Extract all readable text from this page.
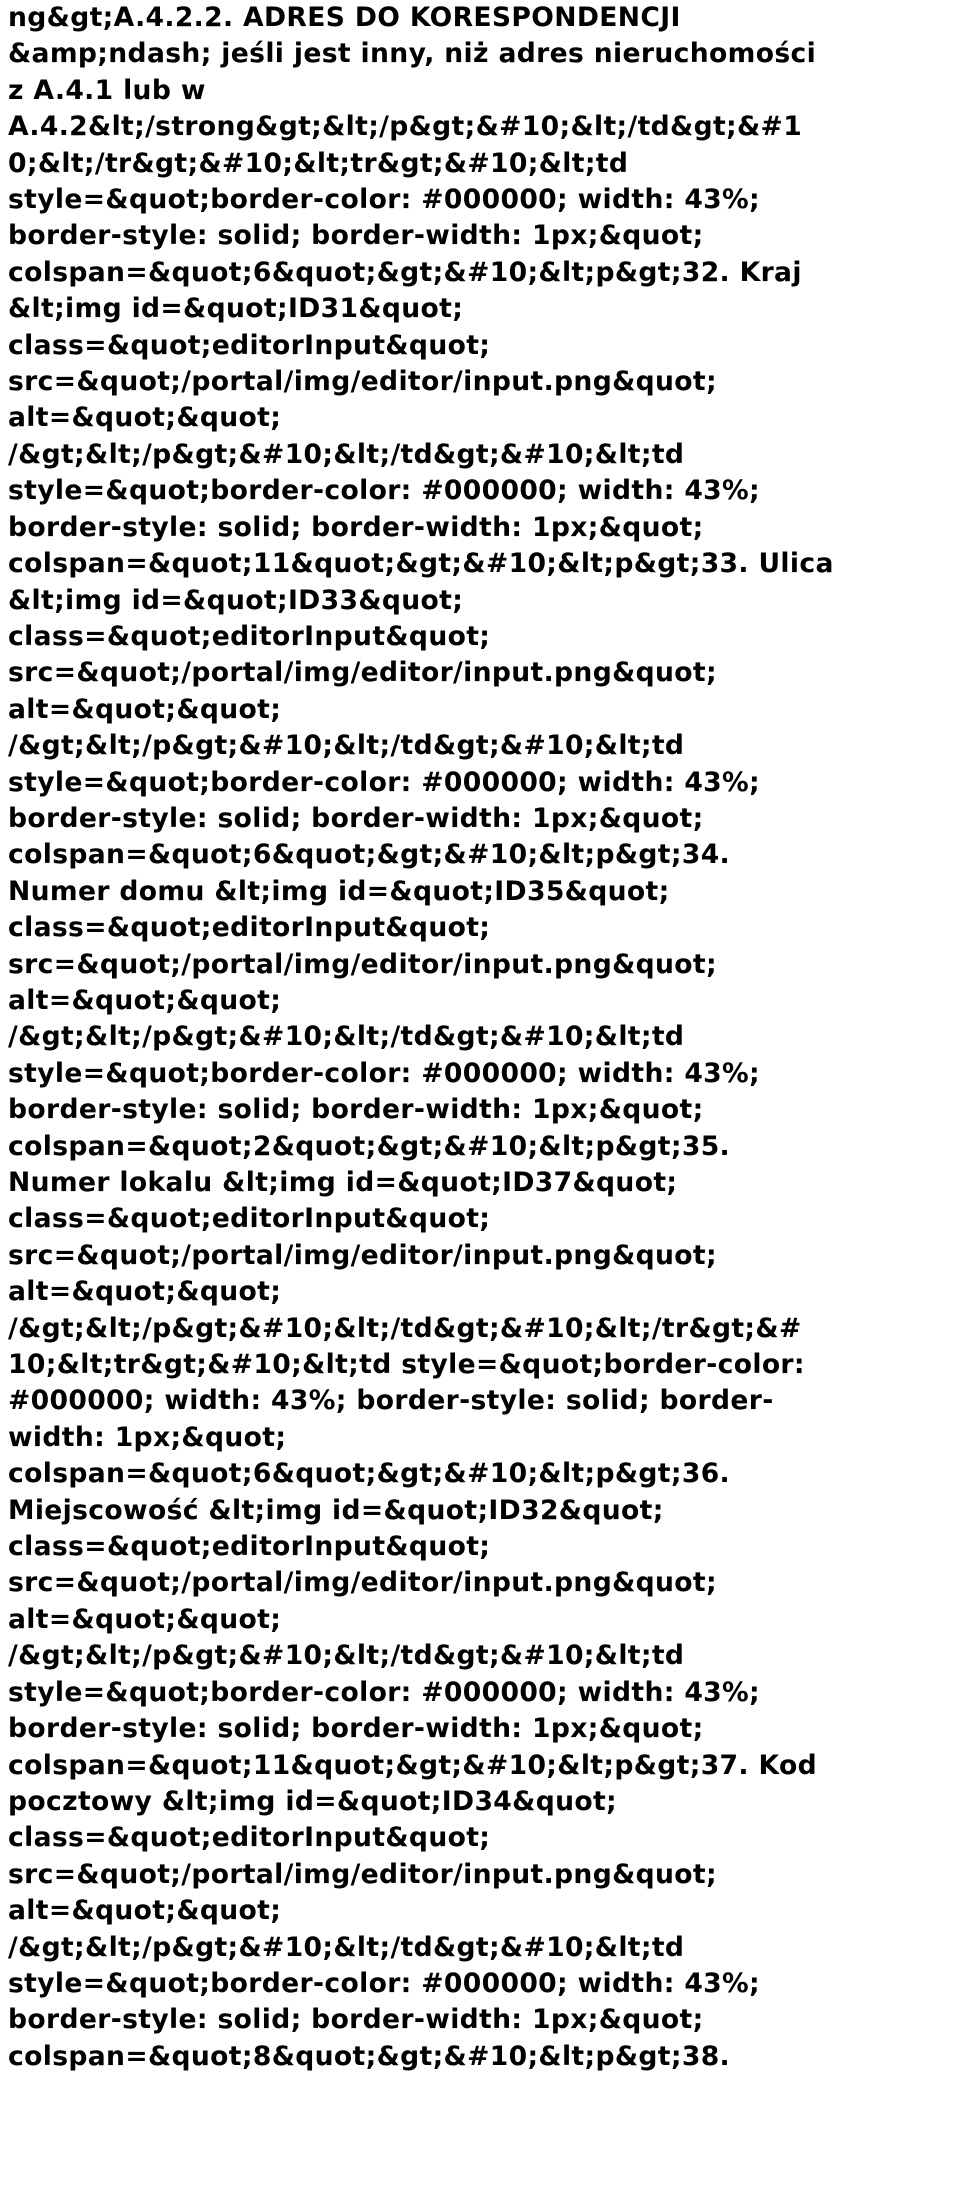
ng&gt;A.4.2.2. ADRES DO KORESPONDENCJI
&amp;ndash; jeśli jest inny, niż adres nieruchomości
z A.4.1 lub w
A.4.2&lt;/strong&gt;&lt;/p&gt;&#10;&lt;/td&gt;&#1
0;&lt;/tr&gt;&#10;&lt;tr&gt;&#10;&lt;td
style=&quot;border-color: #000000; width: 43%;
border-style: solid; border-width: 1px;&quot;
colspan=&quot;6&quot;&gt;&#10;&lt;p&gt;32. Kraj
&lt;img id=&quot;ID31&quot;
class=&quot;editorInput&quot;
src=&quot;/portal/img/editor/input.png&quot;
alt=&quot;&quot;
/&gt;&lt;/p&gt;&#10;&lt;/td&gt;&#10;&lt;td
style=&quot;border-color: #000000; width: 43%;
border-style: solid; border-width: 1px;&quot;
colspan=&quot;11&quot;&gt;&#10;&lt;p&gt;33. Ulica
&lt;img id=&quot;ID33&quot;
class=&quot;editorInput&quot;
src=&quot;/portal/img/editor/input.png&quot;
alt=&quot;&quot;
/&gt;&lt;/p&gt;&#10;&lt;/td&gt;&#10;&lt;td
style=&quot;border-color: #000000; width: 43%;
border-style: solid; border-width: 1px;&quot;
colspan=&quot;6&quot;&gt;&#10;&lt;p&gt;34.
Numer domu &lt;img id=&quot;ID35&quot;
class=&quot;editorInput&quot;
src=&quot;/portal/img/editor/input.png&quot;
alt=&quot;&quot;
/&gt;&lt;/p&gt;&#10;&lt;/td&gt;&#10;&lt;td
style=&quot;border-color: #000000; width: 43%;
border-style: solid; border-width: 1px;&quot;
colspan=&quot;2&quot;&gt;&#10;&lt;p&gt;35.
Numer lokalu &lt;img id=&quot;ID37&quot;
class=&quot;editorInput&quot;
src=&quot;/portal/img/editor/input.png&quot;
alt=&quot;&quot;
/&gt;&lt;/p&gt;&#10;&lt;/td&gt;&#10;&lt;/tr&gt;&#
10;&lt;tr&gt;&#10;&lt;td style=&quot;border-color:
#000000; width: 43%; border-style: solid; border-
width: 1px;&quot;
colspan=&quot;6&quot;&gt;&#10;&lt;p&gt;36.
Miejscowość &lt;img id=&quot;ID32&quot;
class=&quot;editorInput&quot;
src=&quot;/portal/img/editor/input.png&quot;
alt=&quot;&quot;
/&gt;&lt;/p&gt;&#10;&lt;/td&gt;&#10;&lt;td
style=&quot;border-color: #000000; width: 43%;
border-style: solid; border-width: 1px;&quot;
colspan=&quot;11&quot;&gt;&#10;&lt;p&gt;37. Kod
pocztowy &lt;img id=&quot;ID34&quot;
class=&quot;editorInput&quot;
src=&quot;/portal/img/editor/input.png&quot;
alt=&quot;&quot;
/&gt;&lt;/p&gt;&#10;&lt;/td&gt;&#10;&lt;td
style=&quot;border-color: #000000; width: 43%;
border-style: solid; border-width: 1px;&quot;
colspan=&quot;8&quot;&gt;&#10;&lt;p&gt;38.
